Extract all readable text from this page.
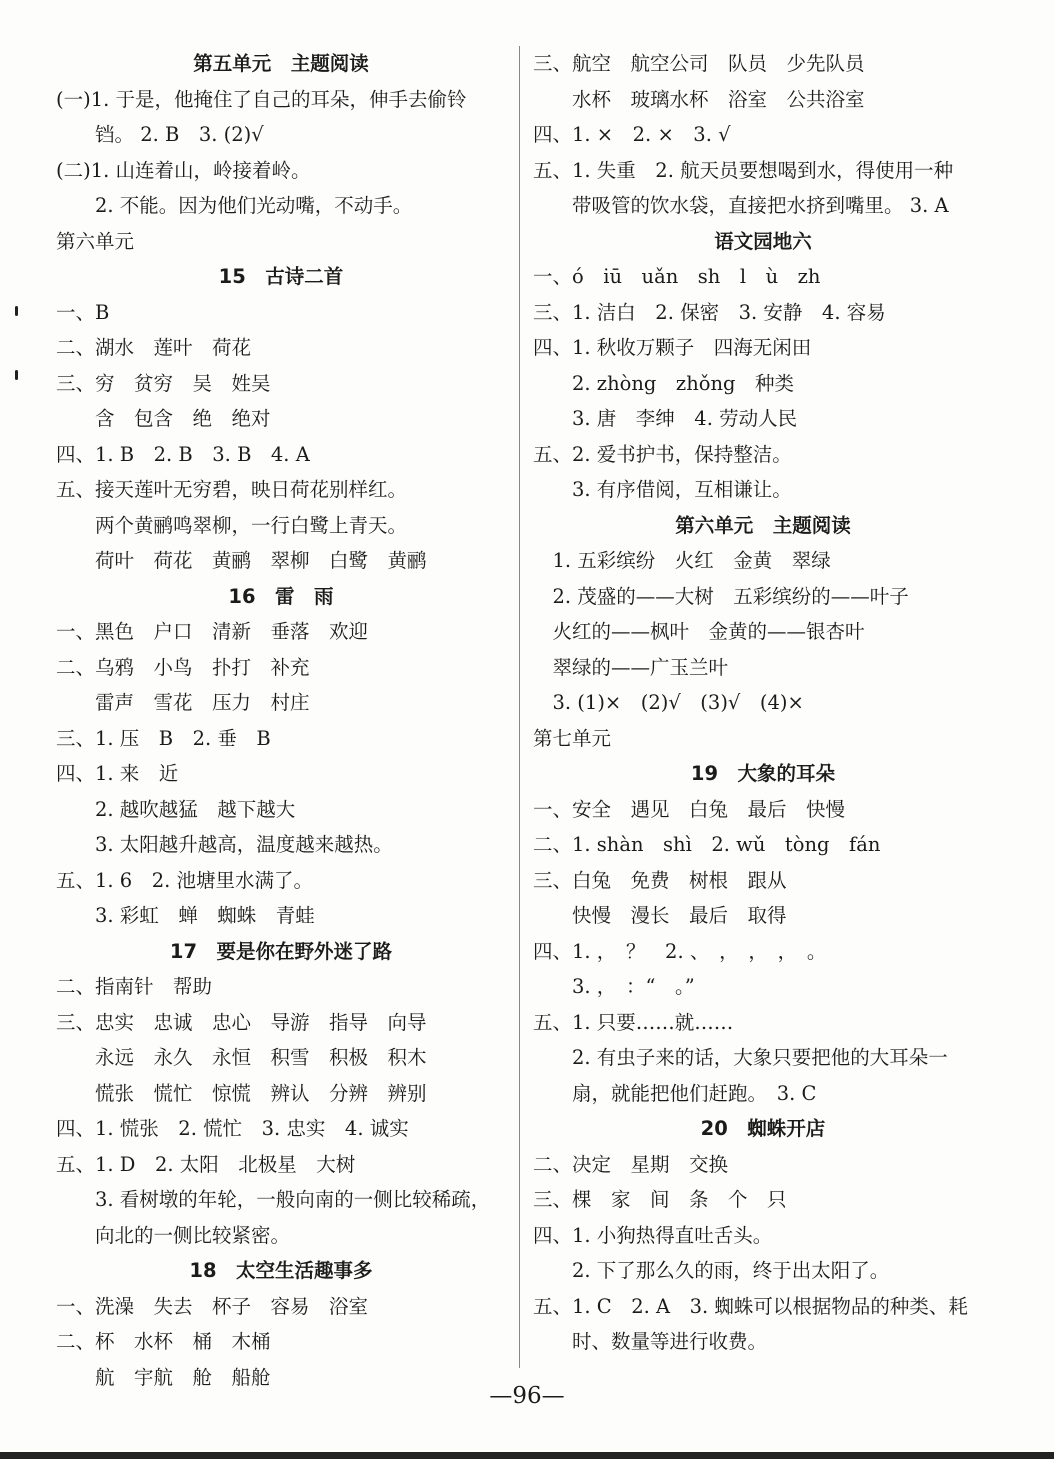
第五单元　主题阅读
(一)1. 于是，他掩住了自己的耳朵，伸手去偷铃
　　铛。 2. B　3. (2)√
(二)1. 山连着山，岭接着岭。
　　2. 不能。因为他们光动嘴，不动手。
第六单元
15　古诗二首
一、B
二、湖水　莲叶　荷花
三、穷　贫穷　吴　姓吴
　　含　包含　绝　绝对
四、1. B　2. B　3. B　4. A
五、接天莲叶无穷碧，映日荷花别样红。
　　两个黄鹂鸣翠柳，一行白鹭上青天。
　　荷叶　荷花　黄鹂　翠柳　白鹭　黄鹂
16　雷　雨
一、黑色　户口　清新　垂落　欢迎
二、乌鸦　小鸟　扑打　补充
　　雷声　雪花　压力　村庄
三、1. 压　B　2. 垂　B
四、1. 来　近
　　2. 越吹越猛　越下越大
　　3. 太阳越升越高，温度越来越热。
五、1. 6　2. 池塘里水满了。
　　3. 彩虹　蝉　蜘蛛　青蛙
17　要是你在野外迷了路
二、指南针　帮助
三、忠实　忠诚　忠心　导游　指导　向导
　　永远　永久　永恒　积雪　积极　积木
　　慌张　慌忙　惊慌　辨认　分辨　辨别
四、1. 慌张　2. 慌忙　3. 忠实　4. 诚实
五、1. D　2. 太阳　北极星　大树
　　3. 看树墩的年轮，一般向南的一侧比较稀疏，
　　向北的一侧比较紧密。
18　太空生活趣事多
一、洗澡　失去　杯子　容易　浴室
二、杯　水杯　桶　木桶
　　航　宇航　舱　船舱
三、航空　航空公司　队员　少先队员
　　水杯　玻璃水杯　浴室　公共浴室
四、1. ×　2. ×　3. √
五、1. 失重　2. 航天员要想喝到水，得使用一种
　　带吸管的饮水袋，直接把水挤到嘴里。 3. A
语文园地六
一、ó　iū　uǎn　sh　l　ù　zh
三、1. 洁白　2. 保密　3. 安静　4. 容易
四、1. 秋收万颗子　四海无闲田
　　2. zhòng　zhǒng　种类
　　3. 唐　李绅　4. 劳动人民
五、2. 爱书护书，保持整洁。
　　3. 有序借阅，互相谦让。
第六单元　主题阅读
　1. 五彩缤纷　火红　金黄　翠绿
　2. 茂盛的——大树　五彩缤纷的——叶子
　火红的——枫叶　金黄的——银杏叶
　翠绿的——广玉兰叶
　3. (1)×　(2)√　(3)√　(4)×
第七单元
19　大象的耳朵
一、安全　遇见　白兔　最后　快慢
二、1. shàn　shì　2. wǔ　tòng　fán
三、白兔　免费　树根　跟从
　　快慢　漫长　最后　取得
四、1. ，　？　2. 、　，　，　，　。
　　3. ，　：“　。”
五、1. 只要……就……
　　2. 有虫子来的话，大象只要把他的大耳朵一
　　扇，就能把他们赶跑。　3. C
20　蜘蛛开店
二、决定　星期　交换
三、棵　家　间　条　个　只
四、1. 小狗热得直吐舌头。
　　2. 下了那么久的雨，终于出太阳了。
五、1. C　2. A　3. 蜘蛛可以根据物品的种类、耗
　　时、数量等进行收费。
—96—
